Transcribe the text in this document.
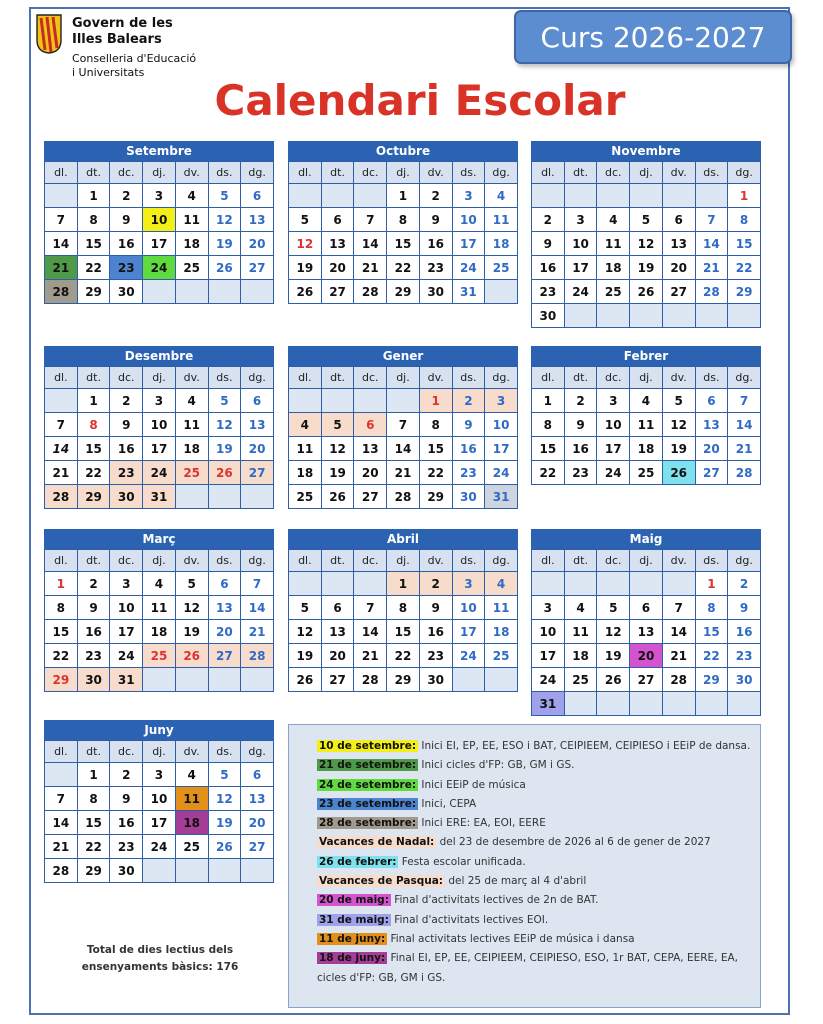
Govern de les
Illes Balears
Conselleria d'Educació
i Universitats
Curs 2026-2027
Calendari Escolar
Setembre
dl.	dt.	dc.	dj.	dv.	ds.	dg.
	1	2	3	4	5	6
7	8	9	10	11	12	13
14	15	16	17	18	19	20
21	22	23	24	25	26	27
28	29	30				
Octubre
dl.	dt.	dc.	dj.	dv.	ds.	dg.
			1	2	3	4
5	6	7	8	9	10	11
12	13	14	15	16	17	18
19	20	21	22	23	24	25
26	27	28	29	30	31	
Novembre
dl.	dt.	dc.	dj.	dv.	ds.	dg.
						1
2	3	4	5	6	7	8
9	10	11	12	13	14	15
16	17	18	19	20	21	22
23	24	25	26	27	28	29
30						
Desembre
dl.	dt.	dc.	dj.	dv.	ds.	dg.
	1	2	3	4	5	6
7	8	9	10	11	12	13
14	15	16	17	18	19	20
21	22	23	24	25	26	27
28	29	30	31			
Gener
dl.	dt.	dc.	dj.	dv.	ds.	dg.
				1	2	3
4	5	6	7	8	9	10
11	12	13	14	15	16	17
18	19	20	21	22	23	24
25	26	27	28	29	30	31
Febrer
dl.	dt.	dc.	dj.	dv.	ds.	dg.
1	2	3	4	5	6	7
8	9	10	11	12	13	14
15	16	17	18	19	20	21
22	23	24	25	26	27	28
Març
dl.	dt.	dc.	dj.	dv.	ds.	dg.
1	2	3	4	5	6	7
8	9	10	11	12	13	14
15	16	17	18	19	20	21
22	23	24	25	26	27	28
29	30	31				
Abril
dl.	dt.	dc.	dj.	dv.	ds.	dg.
			1	2	3	4
5	6	7	8	9	10	11
12	13	14	15	16	17	18
19	20	21	22	23	24	25
26	27	28	29	30		
Maig
dl.	dt.	dc.	dj.	dv.	ds.	dg.
					1	2
3	4	5	6	7	8	9
10	11	12	13	14	15	16
17	18	19	20	21	22	23
24	25	26	27	28	29	30
31						
Juny
dl.	dt.	dc.	dj.	dv.	ds.	dg.
	1	2	3	4	5	6
7	8	9	10	11	12	13
14	15	16	17	18	19	20
21	22	23	24	25	26	27
28	29	30				
10 de setembre: Inici EI, EP, EE, ESO i BAT, CEIPIEEM, CEIPIESO i EEiP de dansa.
21 de setembre: Inici cicles d'FP: GB, GM i GS.
24 de setembre: Inici EEiP de música
23 de setembre: Inici, CEPA
28 de setembre: Inici ERE: EA, EOI, EERE
Vacances de Nadal: del 23 de desembre de 2026 al 6 de gener de 2027
26 de febrer: Festa escolar unificada.
Vacances de Pasqua: del 25 de març al 4 d'abril
20 de maig: Final d'activitats lectives de 2n de BAT.
31 de maig: Final d'activitats lectives EOI.
11 de juny: Final activitats lectives EEiP de música i dansa
18 de juny: Final EI, EP, EE, CEIPIEEM, CEIPIESO, ESO, 1r BAT, CEPA, EERE, EA, cicles d'FP: GB, GM i GS.
Total de dies lectius dels ensenyaments bàsics: 176
